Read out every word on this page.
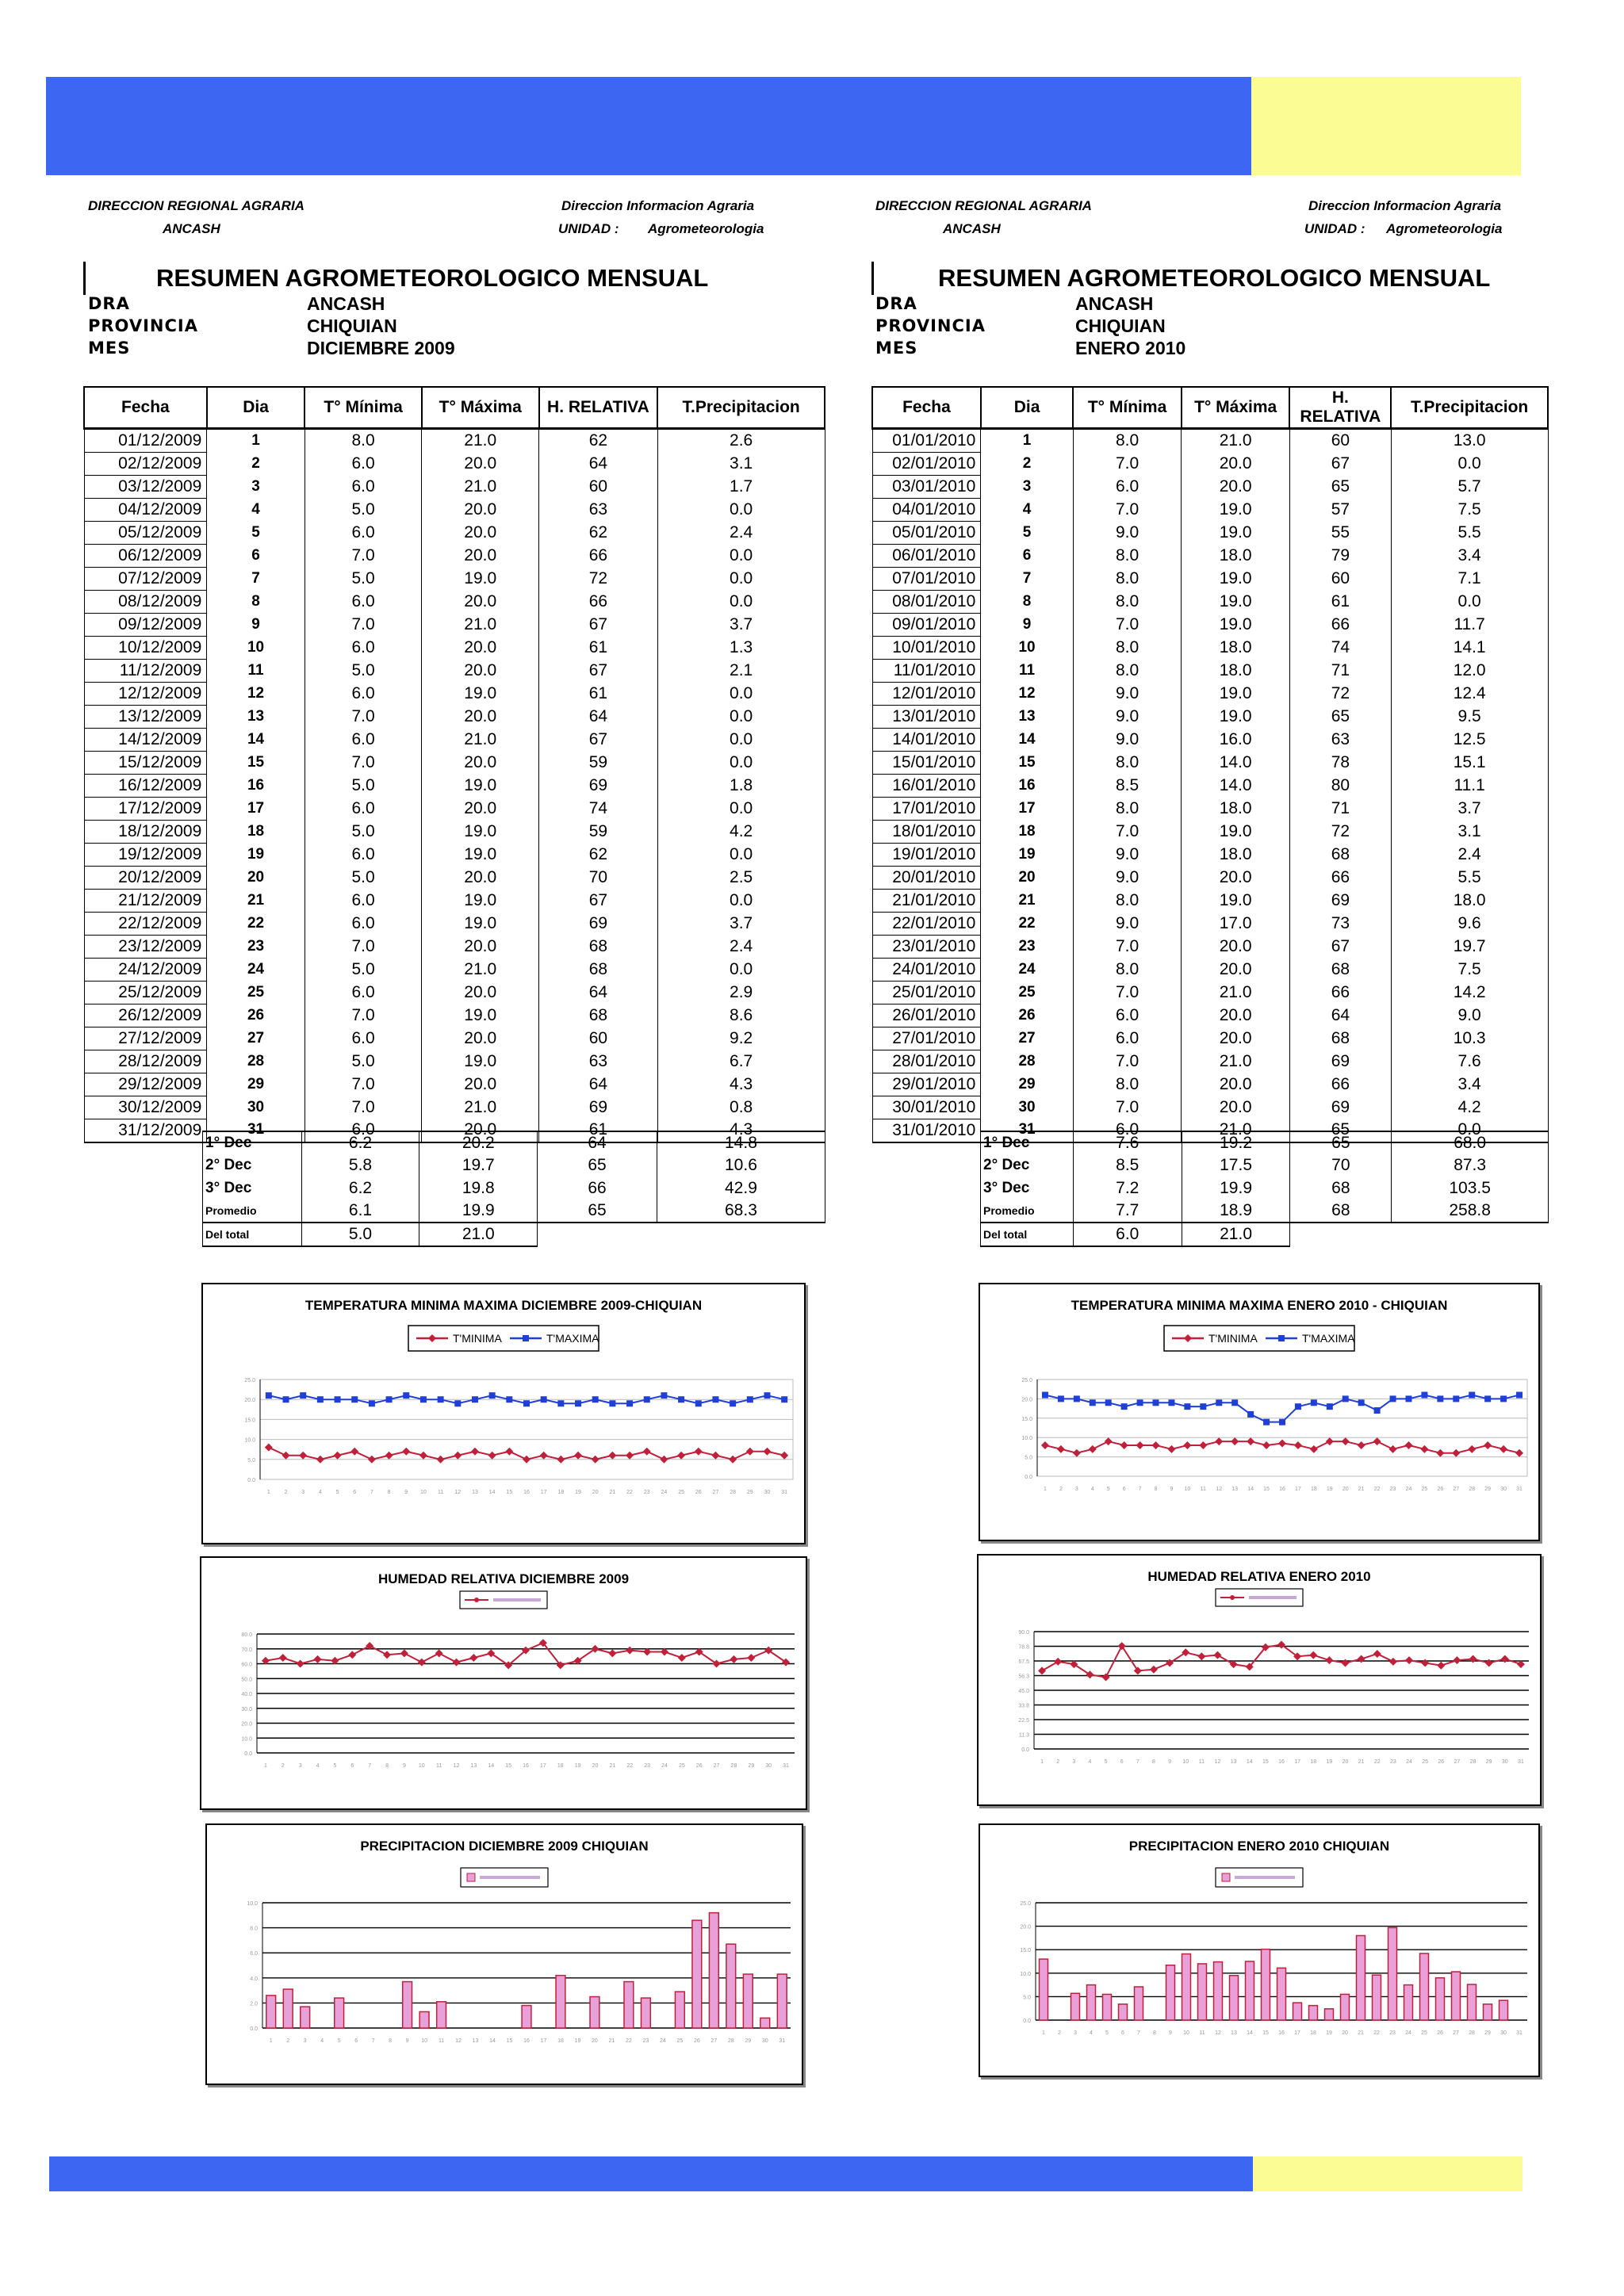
DIRECCION REGIONAL AGRARIA
ANCASH
Direccion Informacion Agraria
UNIDAD : Agrometeorologia
RESUMEN AGROMETEOROLOGICO MENSUAL
DRA	ANCASH
PROVINCIA	CHIQUIAN
MES	DICIEMBRE 2009
Fecha	Dia	T° Mínima	T° Máxima	H. RELATIVA	T.Precipitacion
01/12/2009	1	8.0	21.0	62	2.6
02/12/2009	2	6.0	20.0	64	3.1
03/12/2009	3	6.0	21.0	60	1.7
04/12/2009	4	5.0	20.0	63	0.0
05/12/2009	5	6.0	20.0	62	2.4
06/12/2009	6	7.0	20.0	66	0.0
07/12/2009	7	5.0	19.0	72	0.0
08/12/2009	8	6.0	20.0	66	0.0
09/12/2009	9	7.0	21.0	67	3.7
10/12/2009	10	6.0	20.0	61	1.3
11/12/2009	11	5.0	20.0	67	2.1
12/12/2009	12	6.0	19.0	61	0.0
13/12/2009	13	7.0	20.0	64	0.0
14/12/2009	14	6.0	21.0	67	0.0
15/12/2009	15	7.0	20.0	59	0.0
16/12/2009	16	5.0	19.0	69	1.8
17/12/2009	17	6.0	20.0	74	0.0
18/12/2009	18	5.0	19.0	59	4.2
19/12/2009	19	6.0	19.0	62	0.0
20/12/2009	20	5.0	20.0	70	2.5
21/12/2009	21	6.0	19.0	67	0.0
22/12/2009	22	6.0	19.0	69	3.7
23/12/2009	23	7.0	20.0	68	2.4
24/12/2009	24	5.0	21.0	68	0.0
25/12/2009	25	6.0	20.0	64	2.9
26/12/2009	26	7.0	19.0	68	8.6
27/12/2009	27	6.0	20.0	60	9.2
28/12/2009	28	5.0	19.0	63	6.7
29/12/2009	29	7.0	20.0	64	4.3
30/12/2009	30	7.0	21.0	69	0.8
31/12/2009	31	6.0	20.0	61	4.3
1° Dec	6.2	20.2	64	14.8
2° Dec	5.8	19.7	65	10.6
3° Dec	6.2	19.8	66	42.9
Promedio	6.1	19.9	65	68.3
Del total	5.0	21.0		
TEMPERATURA MINIMA MAXIMA DICIEMBRE 2009-CHIQUIAN
T'MINIMA	T'MAXIMA
0.0
5.0
10.0
15.0
20.0
25.0
1	2	3	4	5	6	7	8	9 10 11 12 13 14 15 16 17 18 19 20 21 22 23 24 25 26 27 28 29 30 31
HUMEDAD RELATIVA DICIEMBRE 2009
0.0
10.0
20.0
30.0
40.0
50.0
60.0
70.0
80.0
1	2	3	4	5	6	7	8	9 10 11 12 13 14 15 16 17 18 19 20 21 22 23 24 25 26 27 28 29 30 31
PRECIPITACION DICIEMBRE 2009 CHIQUIAN
0.0
2.0
4.0
6.0
8.0
10.0
1	2	3	4	5	6	7	8	9 10 11 12 13 14 15 16 17 18 19 20 21 22 23 24 25 26 27 28 29 30 31
DIRECCION REGIONAL AGRARIA
ANCASH
Direccion Informacion Agraria
UNIDAD : Agrometeorologia
RESUMEN AGROMETEOROLOGICO MENSUAL
DRA	ANCASH
PROVINCIA	CHIQUIAN
MES	ENERO 2010
Fecha	Dia	T° Mínima	T° Máxima	H. RELATIVA	T.Precipitacion
01/01/2010	1	8.0	21.0	60	13.0
02/01/2010	2	7.0	20.0	67	0.0
03/01/2010	3	6.0	20.0	65	5.7
04/01/2010	4	7.0	19.0	57	7.5
05/01/2010	5	9.0	19.0	55	5.5
06/01/2010	6	8.0	18.0	79	3.4
07/01/2010	7	8.0	19.0	60	7.1
08/01/2010	8	8.0	19.0	61	0.0
09/01/2010	9	7.0	19.0	66	11.7
10/01/2010	10	8.0	18.0	74	14.1
11/01/2010	11	8.0	18.0	71	12.0
12/01/2010	12	9.0	19.0	72	12.4
13/01/2010	13	9.0	19.0	65	9.5
14/01/2010	14	9.0	16.0	63	12.5
15/01/2010	15	8.0	14.0	78	15.1
16/01/2010	16	8.5	14.0	80	11.1
17/01/2010	17	8.0	18.0	71	3.7
18/01/2010	18	7.0	19.0	72	3.1
19/01/2010	19	9.0	18.0	68	2.4
20/01/2010	20	9.0	20.0	66	5.5
21/01/2010	21	8.0	19.0	69	18.0
22/01/2010	22	9.0	17.0	73	9.6
23/01/2010	23	7.0	20.0	67	19.7
24/01/2010	24	8.0	20.0	68	7.5
25/01/2010	25	7.0	21.0	66	14.2
26/01/2010	26	6.0	20.0	64	9.0
27/01/2010	27	6.0	20.0	68	10.3
28/01/2010	28	7.0	21.0	69	7.6
29/01/2010	29	8.0	20.0	66	3.4
30/01/2010	30	7.0	20.0	69	4.2
31/01/2010	31	6.0	21.0	65	0.0
1° Dec	7.6	19.2	65	68.0
2° Dec	8.5	17.5	70	87.3
3° Dec	7.2	19.9	68	103.5
Promedio	7.7	18.9	68	258.8
Del total	6.0	21.0		
TEMPERATURA MINIMA MAXIMA ENERO 2010 - CHIQUIAN
T'MINIMA	T'MAXIMA
0.0
5.0
10.0
15.0
20.0
25.0
1 2 3 4 5 6 7 8 9 10 11 12 13 14 15 16 17 18 19 20 21 22 23 24 25 26 27 28 29 30 31
HUMEDAD RELATIVA ENERO 2010
0.0
11.3
22.5
33.8
45.0
56.3
67.5
78.8
90.0
1 2 3 4 5 6 7 8 9 10 11 12 13 14 15 16 17 18 19 20 21 22 23 24 25 26 27 28 29 30 31
PRECIPITACION ENERO 2010 CHIQUIAN
0.0
5.0
10.0
15.0
20.0
25.0
1 2 3 4 5 6 7 8 9 10 11 12 13 14 15 16 17 18 19 20 21 22 23 24 25 26 27 28 29 30 31
